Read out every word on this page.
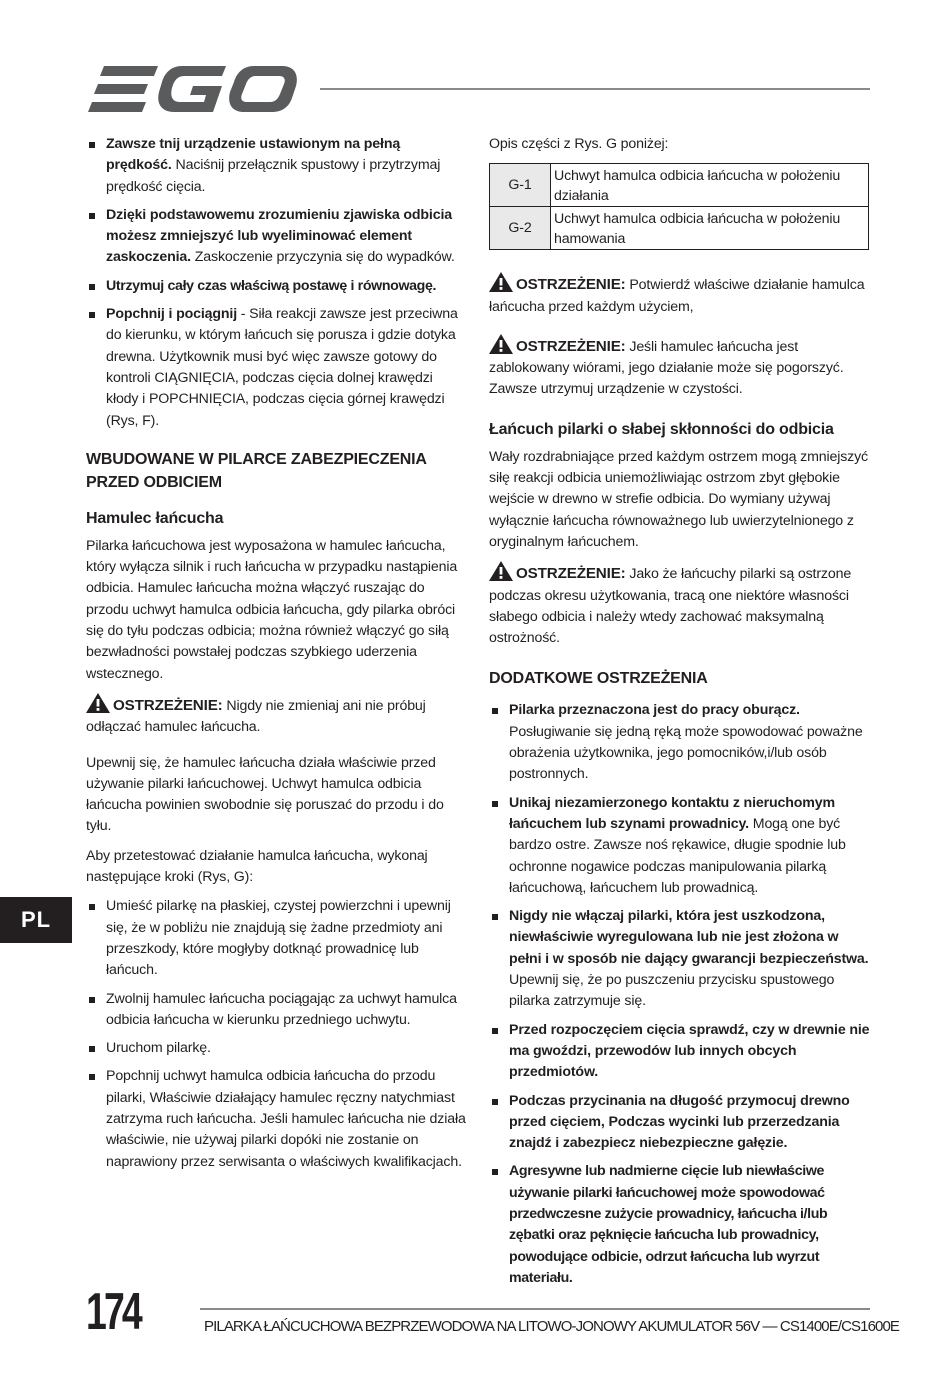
Zawsze tnij urządzenie ustawionym na pełną prędkość. Naciśnij przełącznik spustowy i przytrzymaj prędkość cięcia.
Dzięki podstawowemu zrozumieniu zjawiska odbicia możesz zmniejszyć lub wyeliminować element zaskoczenia. Zaskoczenie przyczynia się do wypadków.
Utrzymuj cały czas właściwą postawę i równowagę.
Popchnij i pociągnij - Siła reakcji zawsze jest przeciwna do kierunku, w którym łańcuch się porusza i gdzie dotyka drewna. Użytkownik musi być więc zawsze gotowy do kontroli CIĄGNIĘCIA, podczas cięcia dolnej krawędzi kłody i POPCHNIĘCIA, podczas cięcia górnej krawędzi (Rys, F).
WBUDOWANE W PILARCE ZABEZPIECZENIA PRZED ODBICIEM
Hamulec łańcucha

Pilarka łańcuchowa jest wyposażona w hamulec łańcucha, który wyłącza silnik i ruch łańcucha w przypadku nastąpienia odbicia. Hamulec łańcucha można włączyć ruszając do przodu uchwyt hamulca odbicia łańcucha, gdy pilarka obróci się do tyłu podczas odbicia; można również włączyć go siłą bezwładności powstałej podczas szybkiego uderzenia wstecznego.

OSTRZEŻENIE: Nigdy nie zmieniaj ani nie próbuj odłączać hamulec łańcucha.

Upewnij się, że hamulec łańcucha działa właściwie przed używanie pilarki łańcuchowej. Uchwyt hamulca odbicia łańcucha powinien swobodnie się poruszać do przodu i do tyłu.

Aby przetestować działanie hamulca łańcucha, wykonaj następujące kroki (Rys, G):

Umieść pilarkę na płaskiej, czystej powierzchni i upewnij się, że w pobliżu nie znajdują się żadne przedmioty ani przeszkody, które mogłyby dotknąć prowadnicę lub łańcuch.
Zwolnij hamulec łańcucha pociągając za uchwyt hamulca odbicia łańcucha w kierunku przedniego uchwytu.
Uruchom pilarkę.
Popchnij uchwyt hamulca odbicia łańcucha do przodu pilarki, Właściwie działający hamulec ręczny natychmiast zatrzyma ruch łańcucha. Jeśli hamulec łańcucha nie działa właściwie, nie używaj pilarki dopóki nie zostanie on naprawiony przez serwisanta o właściwych kwalifikacjach.

Opis części z Rys. G poniżej:

G-1	Uchwyt hamulca odbicia łańcucha w położeniu działania
G-2	Uchwyt hamulca odbicia łańcucha w położeniu hamowania

OSTRZEŻENIE: Potwierdź właściwe działanie hamulca łańcucha przed każdym użyciem,

OSTRZEŻENIE: Jeśli hamulec łańcucha jest zablokowany wiórami, jego działanie może się pogorszyć. Zawsze utrzymuj urządzenie w czystości.

Łańcuch pilarki o słabej skłonności do odbicia

Wały rozdrabniające przed każdym ostrzem mogą zmniejszyć siłę reakcji odbicia uniemożliwiając ostrzom zbyt głębokie wejście w drewno w strefie odbicia. Do wymiany używaj wyłącznie łańcucha równoważnego lub uwierzytelnionego z oryginalnym łańcuchem.

OSTRZEŻENIE: Jako że łańcuchy pilarki są ostrzone podczas okresu użytkowania, tracą one niektóre własności słabego odbicia i należy wtedy zachować maksymalną ostrożność.

DODATKOWE OSTRZEŻENIA
Pilarka przeznaczona jest do pracy oburącz. Posługiwanie się jedną ręką może spowodować poważne obrażenia użytkownika, jego pomocników,i/lub osób postronnych.
Unikaj niezamierzonego kontaktu z nieruchomym łańcuchem lub szynami prowadnicy. Mogą one być bardzo ostre. Zawsze noś rękawice, długie spodnie lub ochronne nogawice podczas manipulowania pilarką łańcuchową, łańcuchem lub prowadnicą.
Nigdy nie włączaj pilarki, która jest uszkodzona, niewłaściwie wyregulowana lub nie jest złożona w pełni i w sposób nie dający gwarancji bezpieczeństwa. Upewnij się, że po puszczeniu przycisku spustowego pilarka zatrzymuje się.
Przed rozpoczęciem cięcia sprawdź, czy w drewnie nie ma gwoździ, przewodów lub innych obcych przedmiotów.
Podczas przycinania na długość przymocuj drewno przed cięciem, Podczas wycinki lub przerzedzania znajdź i zabezpiecz niebezpieczne gałęzie.
Agresywne lub nadmierne cięcie lub niewłaściwe używanie pilarki łańcuchowej może spowodować przedwczesne zużycie prowadnicy, łańcucha i/lub zębatki oraz pęknięcie łańcucha lub prowadnicy, powodujące odbicie, odrzut łańcucha lub wyrzut materiału.
PL
174	PILARKA ŁAŃCUCHOWA BEZPRZEWODOWA NA LITOWO-JONOWY AKUMULATOR 56V — CS1400E/CS1600E
